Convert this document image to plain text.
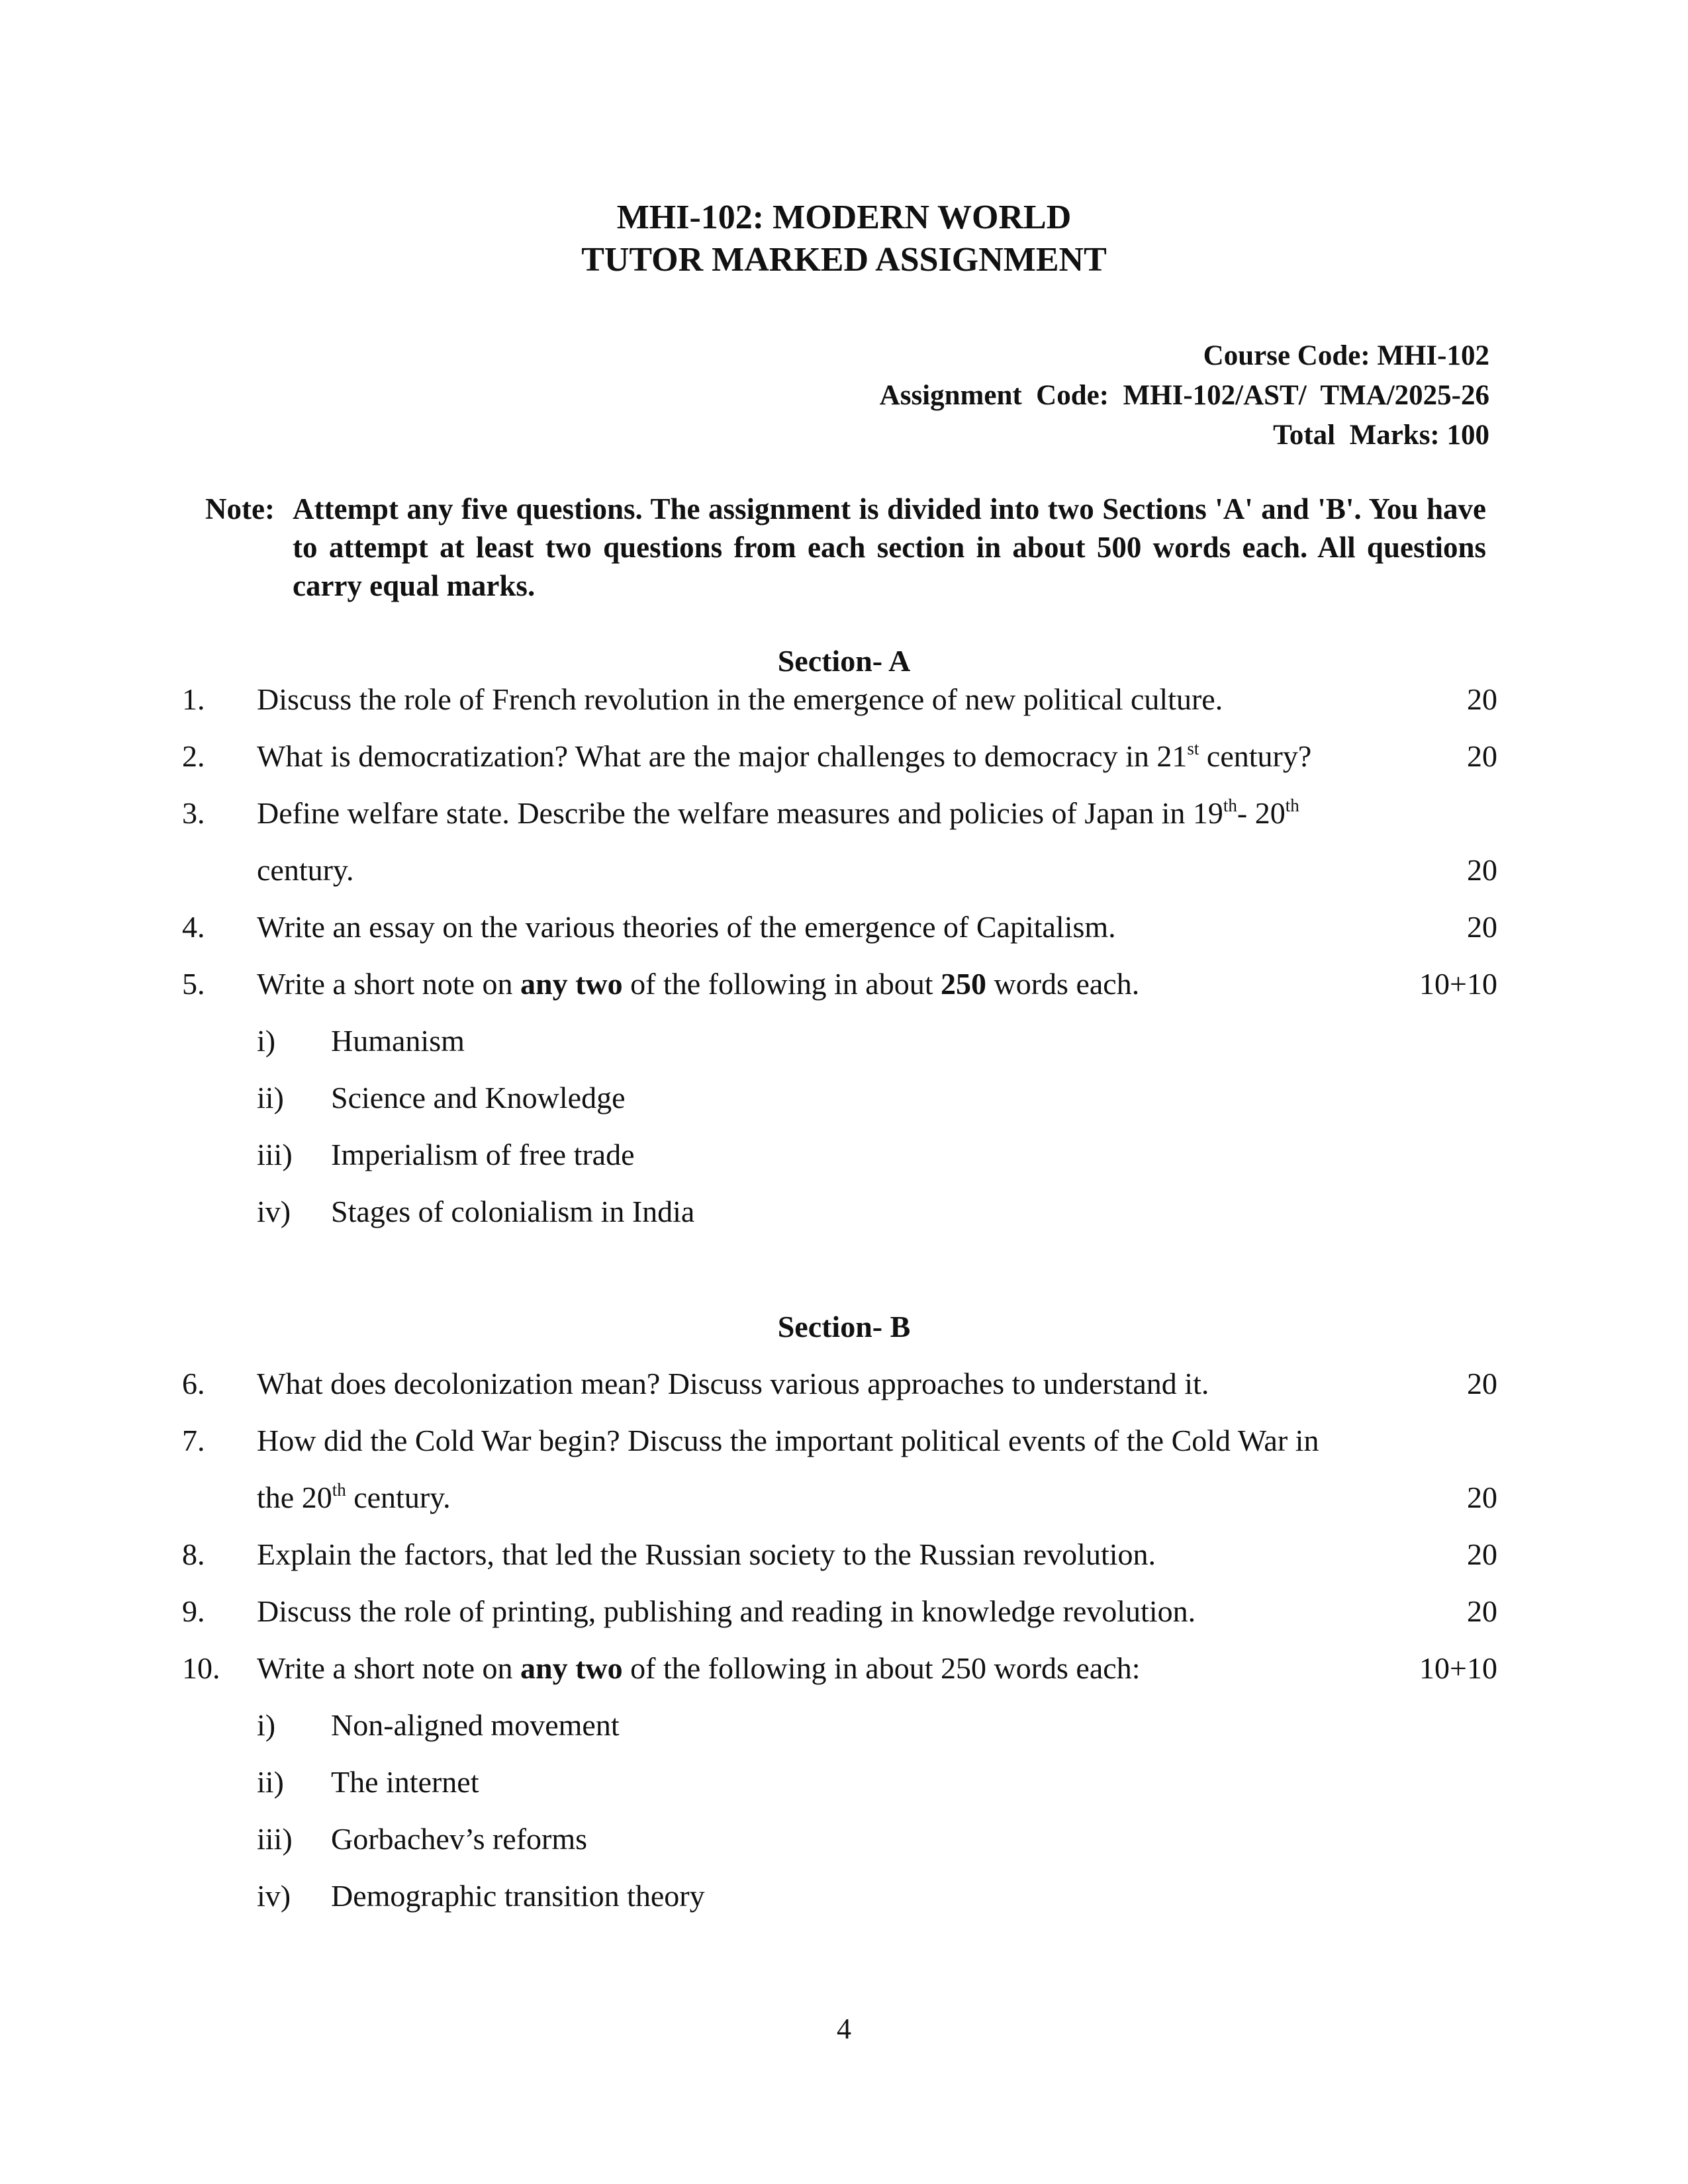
MHI-102: MODERN WORLD
TUTOR MARKED ASSIGNMENT
Course Code: MHI-102
Assignment  Code:  MHI-102/AST/  TMA/2025-26
Total  Marks: 100
Note: Attempt any five questions. The assignment is divided into two Sections 'A' and 'B'. You have to attempt at least two questions from each section in about 500 words each. All questions carry equal marks.
Section- A
1. Discuss the role of French revolution in the emergence of new political culture.	20
2. What is democratization? What are the major challenges to democracy in 21st century?	20
3. Define welfare state. Describe the welfare measures and policies of Japan in 19th- 20th
century.	20
4. Write an essay on the various theories of the emergence of Capitalism.	20
5. Write a short note on any two of the following in about 250 words each.	10+10
i) Humanism
ii) Science and Knowledge
iii) Imperialism of free trade
iv) Stages of colonialism in India
Section- B
6. What does decolonization mean? Discuss various approaches to understand it.	20
7. How did the Cold War begin? Discuss the important political events of the Cold War in
the 20th century.	20
8. Explain the factors, that led the Russian society to the Russian revolution.	20
9. Discuss the role of printing, publishing and reading in knowledge revolution.	20
10. Write a short note on any two of the following in about 250 words each:	10+10
i) Non-aligned movement
ii) The internet
iii) Gorbachev’s reforms
iv) Demographic transition theory
4
